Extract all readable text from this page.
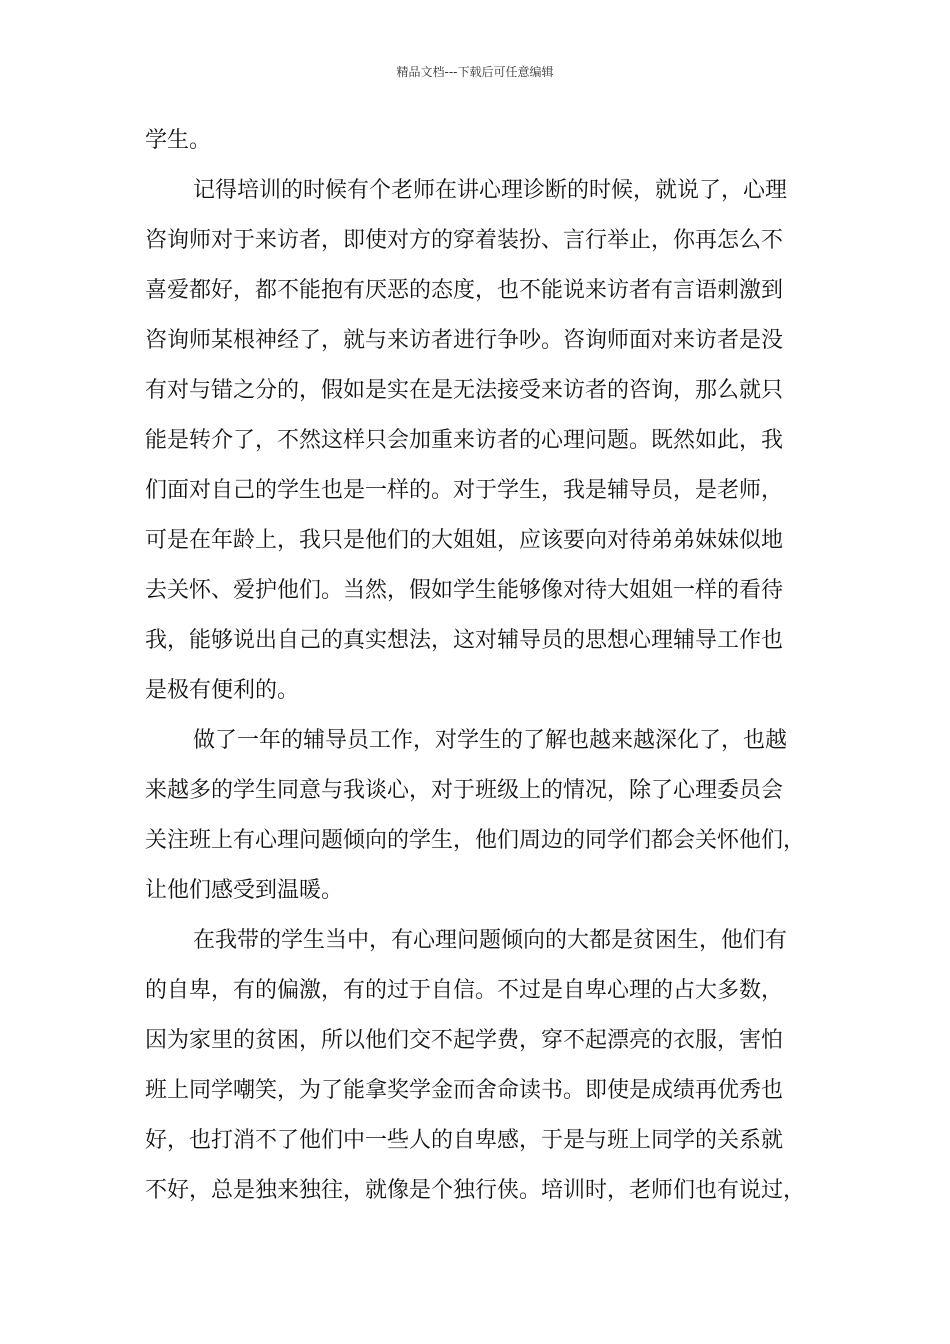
精品文档---下载后可任意编辑
学生。
记得培训的时候有个老师在讲心理诊断的时候，就说了，心理
咨询师对于来访者，即使对方的穿着装扮、言行举止，你再怎么不
喜爱都好，都不能抱有厌恶的态度，也不能说来访者有言语刺激到
咨询师某根神经了，就与来访者进行争吵。咨询师面对来访者是没
有对与错之分的，假如是实在是无法接受来访者的咨询，那么就只
能是转介了，不然这样只会加重来访者的心理问题。既然如此，我
们面对自己的学生也是一样的。对于学生，我是辅导员，是老师，
可是在年龄上，我只是他们的大姐姐，应该要向对待弟弟妹妹似地
去关怀、爱护他们。当然，假如学生能够像对待大姐姐一样的看待
我，能够说出自己的真实想法，这对辅导员的思想心理辅导工作也
是极有便利的。
做了一年的辅导员工作，对学生的了解也越来越深化了，也越
来越多的学生同意与我谈心，对于班级上的情况，除了心理委员会
关注班上有心理问题倾向的学生，他们周边的同学们都会关怀他们，
让他们感受到温暖。
在我带的学生当中，有心理问题倾向的大都是贫困生，他们有
的自卑，有的偏激，有的过于自信。不过是自卑心理的占大多数，
因为家里的贫困，所以他们交不起学费，穿不起漂亮的衣服，害怕
班上同学嘲笑，为了能拿奖学金而舍命读书。即使是成绩再优秀也
好，也打消不了他们中一些人的自卑感，于是与班上同学的关系就
不好，总是独来独往，就像是个独行侠。培训时，老师们也有说过，
